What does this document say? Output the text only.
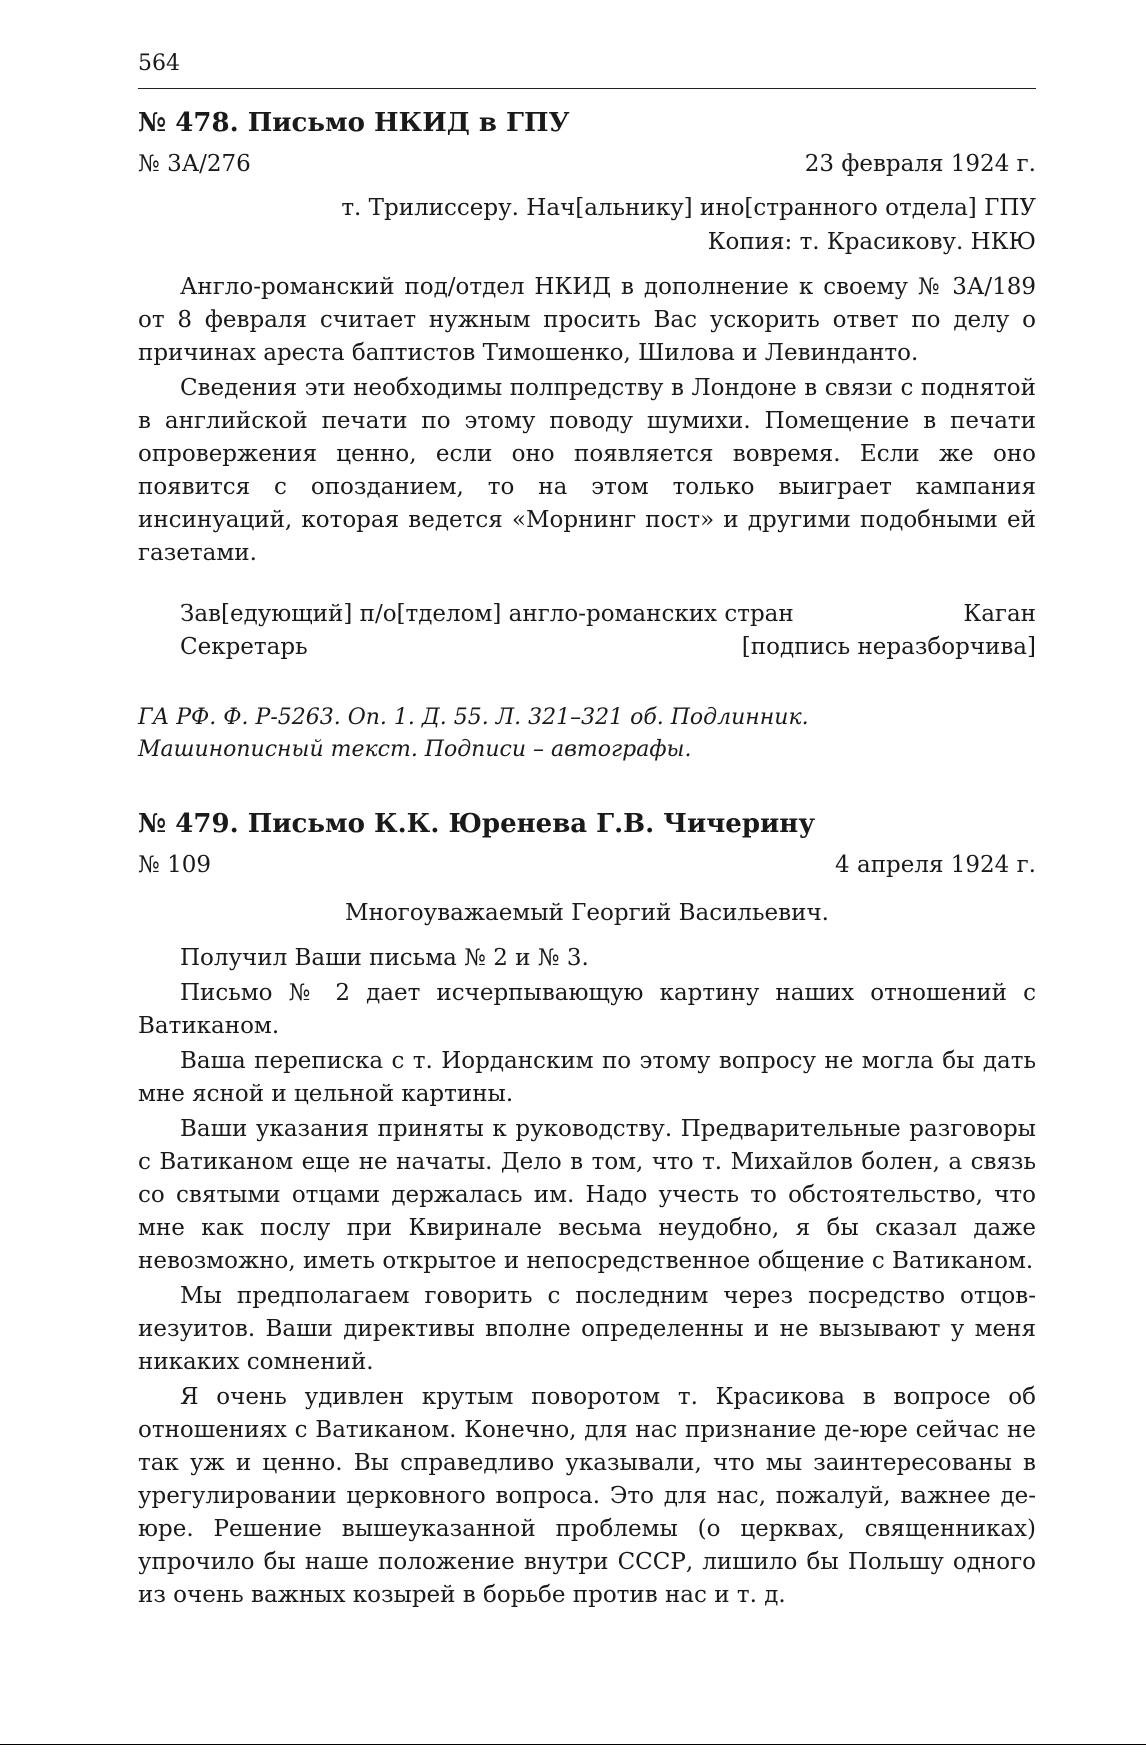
564

№ 478. Письмо НКИД в ГПУ
№ 3А/276	23 февраля 1924 г.
т. Трилиссеру. Нач[альнику] ино[странного отдела] ГПУ
Копия: т. Красикову. НКЮ

Англо-романский под/отдел НКИД в дополнение к своему № 3А/189 от 8 февраля считает нужным просить Вас ускорить ответ по делу о причинах ареста баптистов Тимошенко, Шилова и Левинданто.

Сведения эти необходимы полпредству в Лондоне в связи с поднятой в английской печати по этому поводу шумихи. Помещение в печати опровержения ценно, если оно появляется вовремя. Если же оно появится с опозданием, то на этом только выиграет кампания инсинуаций, которая ведется «Морнинг пост» и другими подобными ей газетами.

Зав[едующий] п/о[тделом] англо-романских стран	Каган
Секретарь	[подпись неразборчива]
ГА РФ. Ф. Р-5263. Оп. 1. Д. 55. Л. 321–321 об. Подлинник.
Машинописный текст. Подписи – автографы.
№ 479. Письмо К.К. Юренева Г.В. Чичерину
№ 109	4 апреля 1924 г.
Многоуважаемый Георгий Васильевич.

Получил Ваши письма № 2 и № 3.

Письмо № 2 дает исчерпывающую картину наших отношений с Ватиканом.

Ваша переписка с т. Иорданским по этому вопросу не могла бы дать мне ясной и цельной картины.

Ваши указания приняты к руководству. Предварительные разговоры с Ватиканом еще не начаты. Дело в том, что т. Михайлов болен, а связь со святыми отцами держалась им. Надо учесть то обстоятельство, что мне как послу при Квиринале весьма неудобно, я бы сказал даже невозможно, иметь открытое и непосредственное общение с Ватиканом.

Мы предполагаем говорить с последним через посредство отцов-иезуитов. Ваши директивы вполне определенны и не вызывают у меня никаких сомнений.

Я очень удивлен крутым поворотом т. Красикова в вопросе об отношениях с Ватиканом. Конечно, для нас признание де-юре сейчас не так уж и ценно. Вы справедливо указывали, что мы заинтересованы в урегулировании церковного вопроса. Это для нас, пожалуй, важнее де-юре. Решение вышеуказанной проблемы (о церквах, священниках) упрочило бы наше положение внутри СССР, лишило бы Польшу одного из очень важных козырей в борьбе против нас и т. д.
